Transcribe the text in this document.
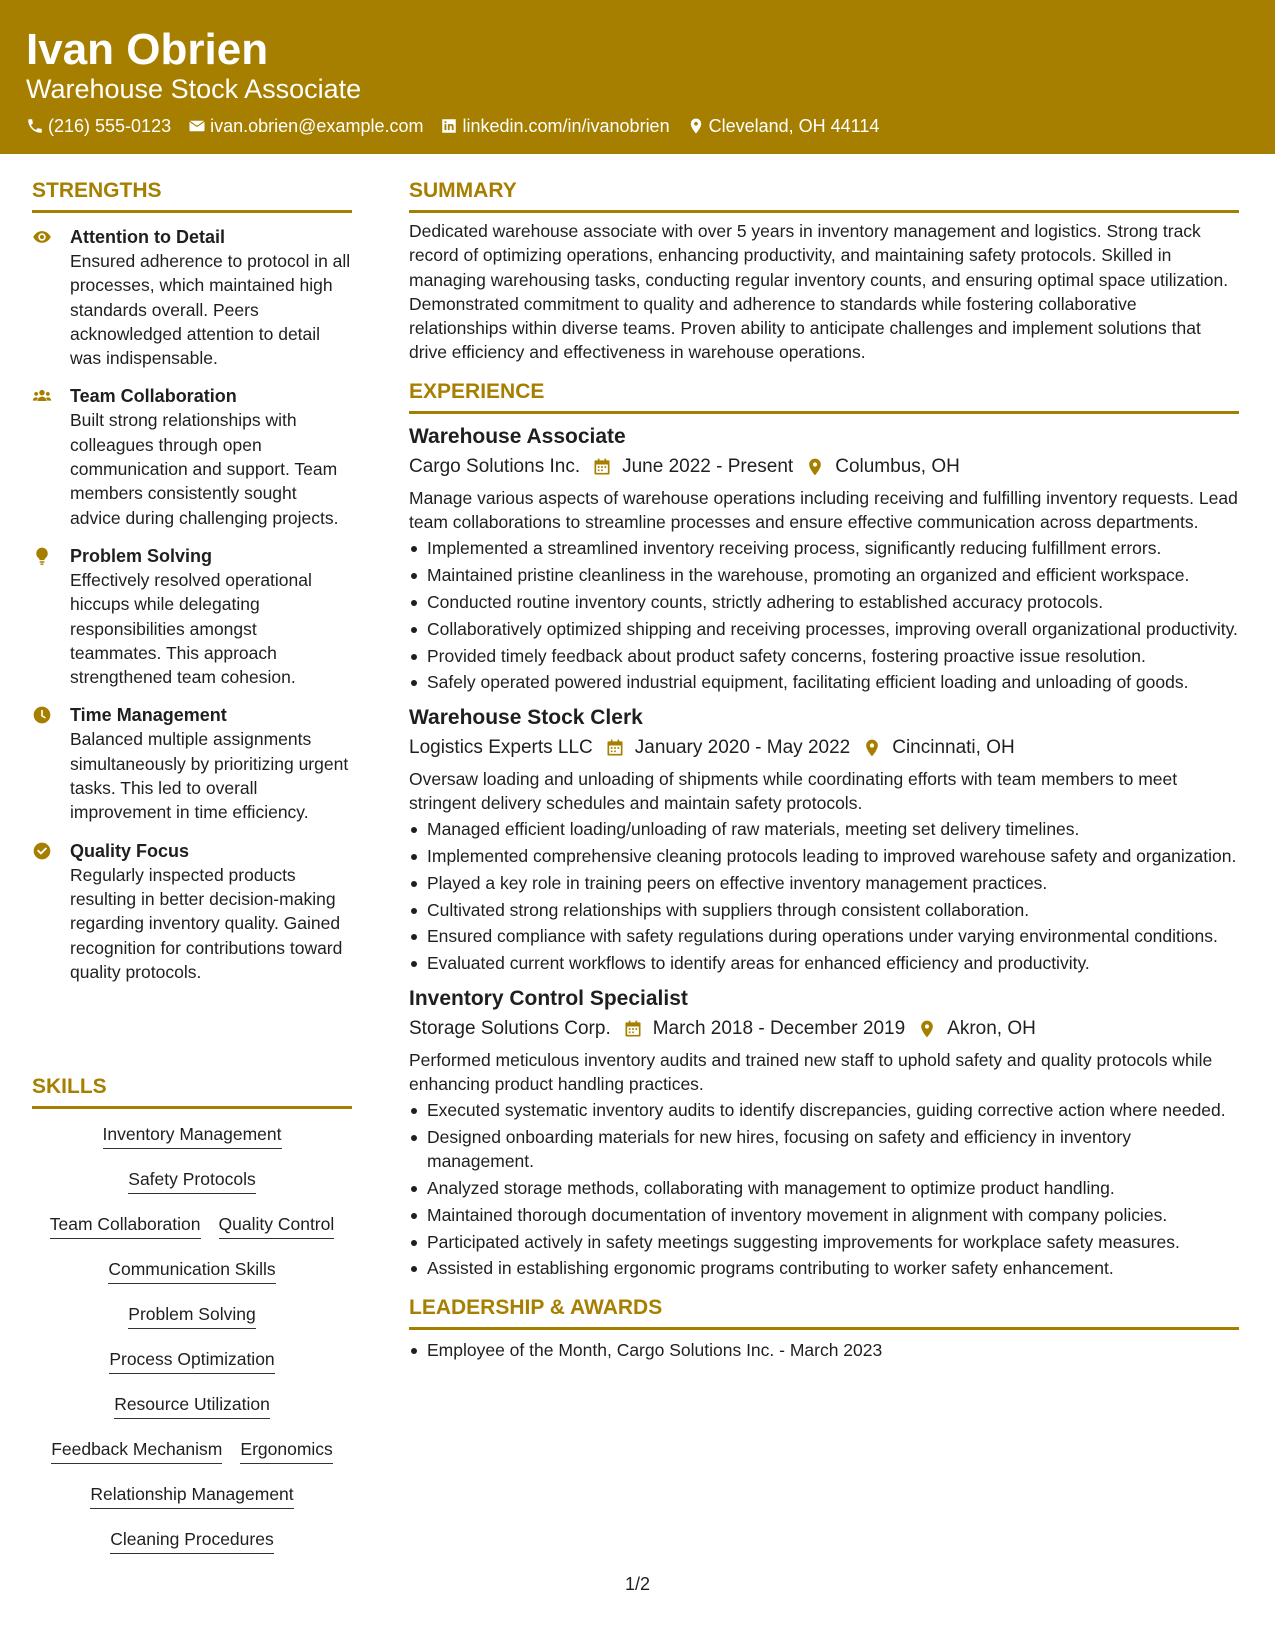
Ivan Obrien
Warehouse Stock Associate
(216) 555-0123 ivan.obrien@example.com linkedin.com/in/ivanobrien Cleveland, OH 44114
STRENGTHS
Attention to Detail
Ensured adherence to protocol in all processes, which maintained high standards overall. Peers acknowledged attention to detail was indispensable.
Team Collaboration
Built strong relationships with colleagues through open communication and support. Team members consistently sought advice during challenging projects.
Problem Solving
Effectively resolved operational hiccups while delegating responsibilities amongst teammates. This approach strengthened team cohesion.
Time Management
Balanced multiple assignments simultaneously by prioritizing urgent tasks. This led to overall improvement in time efficiency.
Quality Focus
Regularly inspected products resulting in better decision-making regarding inventory quality. Gained recognition for contributions toward quality protocols.
SKILLS
Inventory Management
Safety Protocols
Team Collaboration Quality Control
Communication Skills
Problem Solving
Process Optimization
Resource Utilization
Feedback Mechanism Ergonomics
Relationship Management
Cleaning Procedures
SUMMARY
Dedicated warehouse associate with over 5 years in inventory management and logistics. Strong track record of optimizing operations, enhancing productivity, and maintaining safety protocols. Skilled in managing warehousing tasks, conducting regular inventory counts, and ensuring optimal space utilization. Demonstrated commitment to quality and adherence to standards while fostering collaborative relationships within diverse teams. Proven ability to anticipate challenges and implement solutions that drive efficiency and effectiveness in warehouse operations.
EXPERIENCE
Warehouse Associate
Cargo Solutions Inc. June 2022 - Present Columbus, OH
Manage various aspects of warehouse operations including receiving and fulfilling inventory requests. Lead team collaborations to streamline processes and ensure effective communication across departments.
Implemented a streamlined inventory receiving process, significantly reducing fulfillment errors.
Maintained pristine cleanliness in the warehouse, promoting an organized and efficient workspace.
Conducted routine inventory counts, strictly adhering to established accuracy protocols.
Collaboratively optimized shipping and receiving processes, improving overall organizational productivity.
Provided timely feedback about product safety concerns, fostering proactive issue resolution.
Safely operated powered industrial equipment, facilitating efficient loading and unloading of goods.
Warehouse Stock Clerk
Logistics Experts LLC January 2020 - May 2022 Cincinnati, OH
Oversaw loading and unloading of shipments while coordinating efforts with team members to meet stringent delivery schedules and maintain safety protocols.
Managed efficient loading/unloading of raw materials, meeting set delivery timelines.
Implemented comprehensive cleaning protocols leading to improved warehouse safety and organization.
Played a key role in training peers on effective inventory management practices.
Cultivated strong relationships with suppliers through consistent collaboration.
Ensured compliance with safety regulations during operations under varying environmental conditions.
Evaluated current workflows to identify areas for enhanced efficiency and productivity.
Inventory Control Specialist
Storage Solutions Corp. March 2018 - December 2019 Akron, OH
Performed meticulous inventory audits and trained new staff to uphold safety and quality protocols while enhancing product handling practices.
Executed systematic inventory audits to identify discrepancies, guiding corrective action where needed.
Designed onboarding materials for new hires, focusing on safety and efficiency in inventory management.
Analyzed storage methods, collaborating with management to optimize product handling.
Maintained thorough documentation of inventory movement in alignment with company policies.
Participated actively in safety meetings suggesting improvements for workplace safety measures.
Assisted in establishing ergonomic programs contributing to worker safety enhancement.
LEADERSHIP & AWARDS
Employee of the Month, Cargo Solutions Inc. - March 2023
1/2
